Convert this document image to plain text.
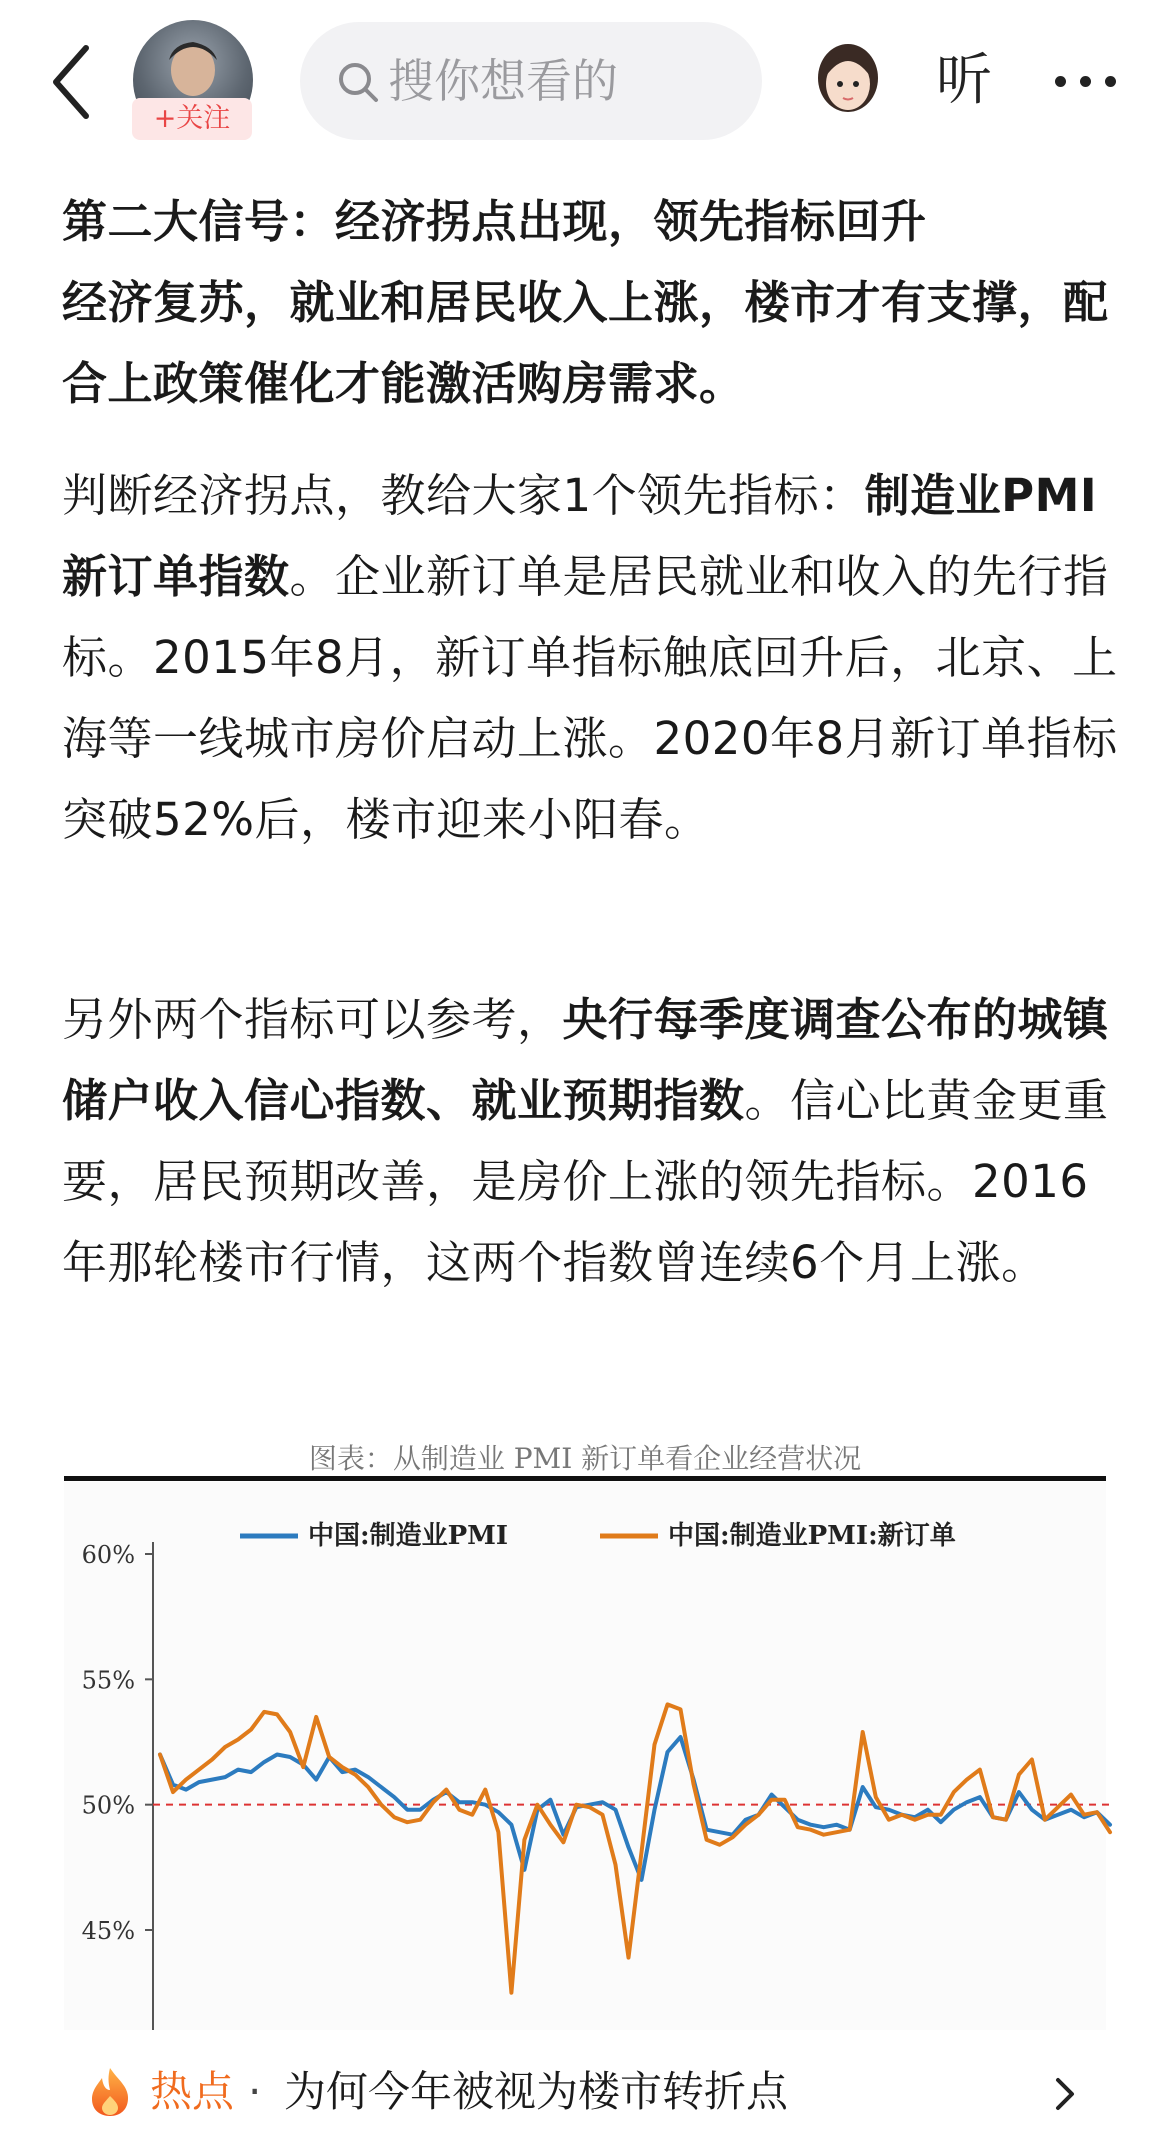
+关注
搜你想看的	听

第二大信号：经济拐点出现，领先指标回升

经济复苏，就业和居民收入上涨，楼市才有支撑，配合上政策催化才能激活购房需求。

判断经济拐点，教给大家1个领先指标：制造业PMI新订单指数。企业新订单是居民就业和收入的先行指标。2015年8月，新订单指标触底回升后，北京、上海等一线城市房价启动上涨。2020年8月新订单指标突破52%后，楼市迎来小阳春。

另外两个指标可以参考，央行每季度调查公布的城镇储户收入信心指数、就业预期指数。信心比黄金更重要，居民预期改善，是房价上涨的领先指标。2016年那轮楼市行情，这两个指数曾连续6个月上涨。

图表：从制造业 PMI 新订单看企业经营状况
60%
55%
50%
45%
中国:制造业PMI	中国:制造业PMI:新订单
热点 · 为何今年被视为楼市转折点
